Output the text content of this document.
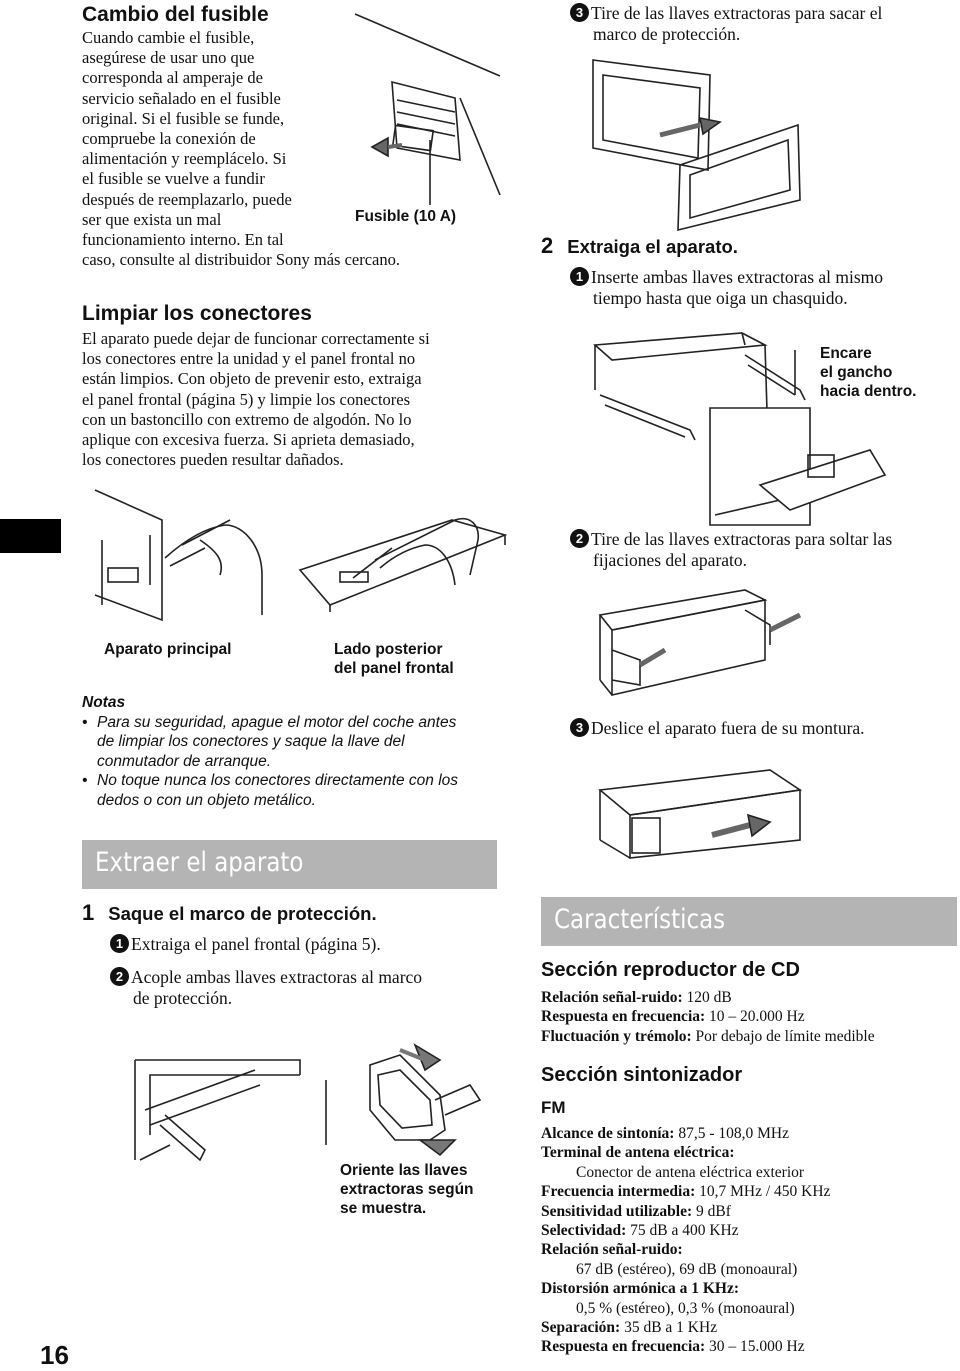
Cambio del fusible
Cuando cambie el fusible,
asegúrese de usar uno que
corresponda al amperaje de
servicio señalado en el fusible
original. Si el fusible se funde,
compruebe la conexión de
alimentación y reemplácelo. Si
el fusible se vuelve a fundir
después de reemplazarlo, puede
ser que exista un mal
funcionamiento interno. En tal
caso, consulte al distribuidor Sony más cercano.
Fusible (10 A)
Limpiar los conectores
El aparato puede dejar de funcionar correctamente si
los conectores entre la unidad y el panel frontal no
están limpios. Con objeto de prevenir esto, extraiga
el panel frontal (página 5) y limpie los conectores
con un bastoncillo con extremo de algodón. No lo
aplique con excesiva fuerza. Si aprieta demasiado,
los conectores pueden resultar dañados.
Aparato principal	Lado posterior
del panel frontal
Notas
• Para su seguridad, apague el motor del coche antes
de limpiar los conectores y saque la llave del
conmutador de arranque.
• No toque nunca los conectores directamente con los
dedos o con un objeto metálico.
Extraer el aparato
1 Saque el marco de protección.
1 Extraiga el panel frontal (página 5).
2 Acople ambas llaves extractoras al marco
de protección.
Oriente las llaves
extractoras según
se muestra.
16
3 Tire de las llaves extractoras para sacar el
marco de protección.
2 Extraiga el aparato.
1 Inserte ambas llaves extractoras al mismo
tiempo hasta que oiga un chasquido.
Encare
el gancho
hacia dentro.
2 Tire de las llaves extractoras para soltar las
fijaciones del aparato.
3 Deslice el aparato fuera de su montura.
Características
Sección reproductor de CD
Relación señal-ruido: 120 dB
Respuesta en frecuencia: 10 – 20.000 Hz
Fluctuación y trémolo: Por debajo de límite medible
Sección sintonizador
FM
Alcance de sintonía: 87,5 - 108,0 MHz
Terminal de antena eléctrica:
Conector de antena eléctrica exterior
Frecuencia intermedia: 10,7 MHz / 450 KHz
Sensitividad utilizable: 9 dBf
Selectividad: 75 dB a 400 KHz
Relación señal-ruido:
67 dB (estéreo), 69 dB (monoaural)
Distorsión armónica a 1 KHz:
0,5 % (estéreo), 0,3 % (monoaural)
Separación: 35 dB a 1 KHz
Respuesta en frecuencia: 30 – 15.000 Hz
